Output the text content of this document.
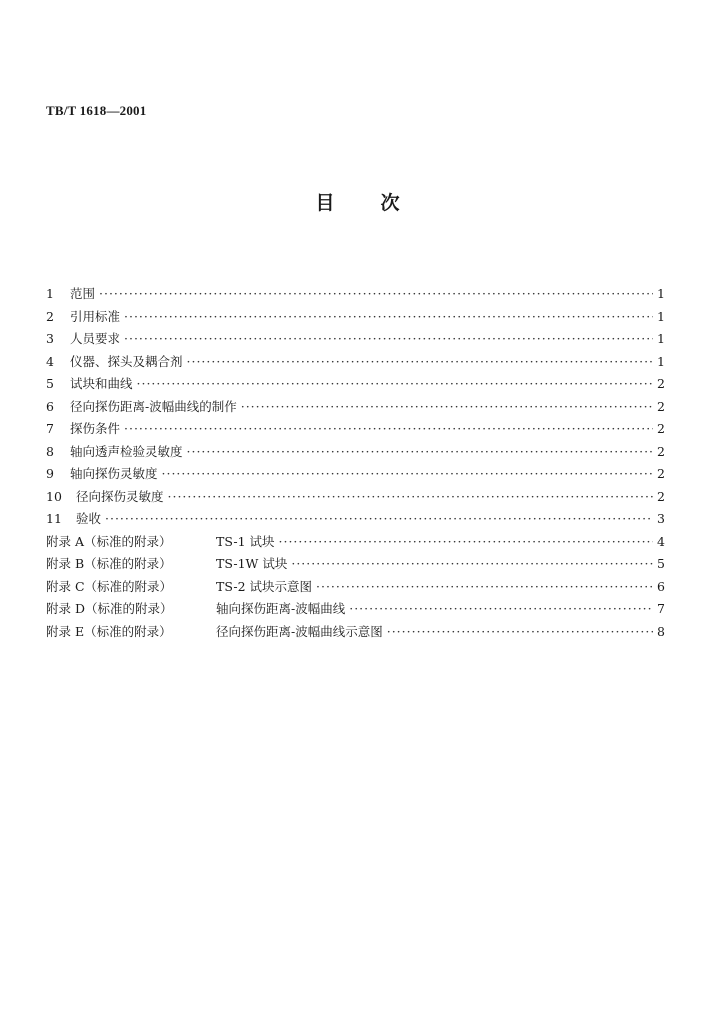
TB/T 1618—2001
目 次
1	范围 ·····	1
2	引用标准 ·····	1
3	人员要求 ·····	1
4	仪器、探头及耦合剂 ·····	1
5	试块和曲线 ·····	2
6	径向探伤距离-波幅曲线的制作 ·····	2
7	探伤条件 ·····	2
8	轴向透声检验灵敏度 ·····	2
9	轴向探伤灵敏度 ·····	2
10	径向探伤灵敏度 ·····	2
11	验收 ·····	3
附录 A（标准的附录）	TS-1 试块 ·····	4
附录 B（标准的附录）	TS-1W 试块 ·····	5
附录 C（标准的附录）	TS-2 试块示意图 ·····	6
附录 D（标准的附录）	轴向探伤距离-波幅曲线 ·····	7
附录 E（标准的附录）	径向探伤距离-波幅曲线示意图 ·····	8
